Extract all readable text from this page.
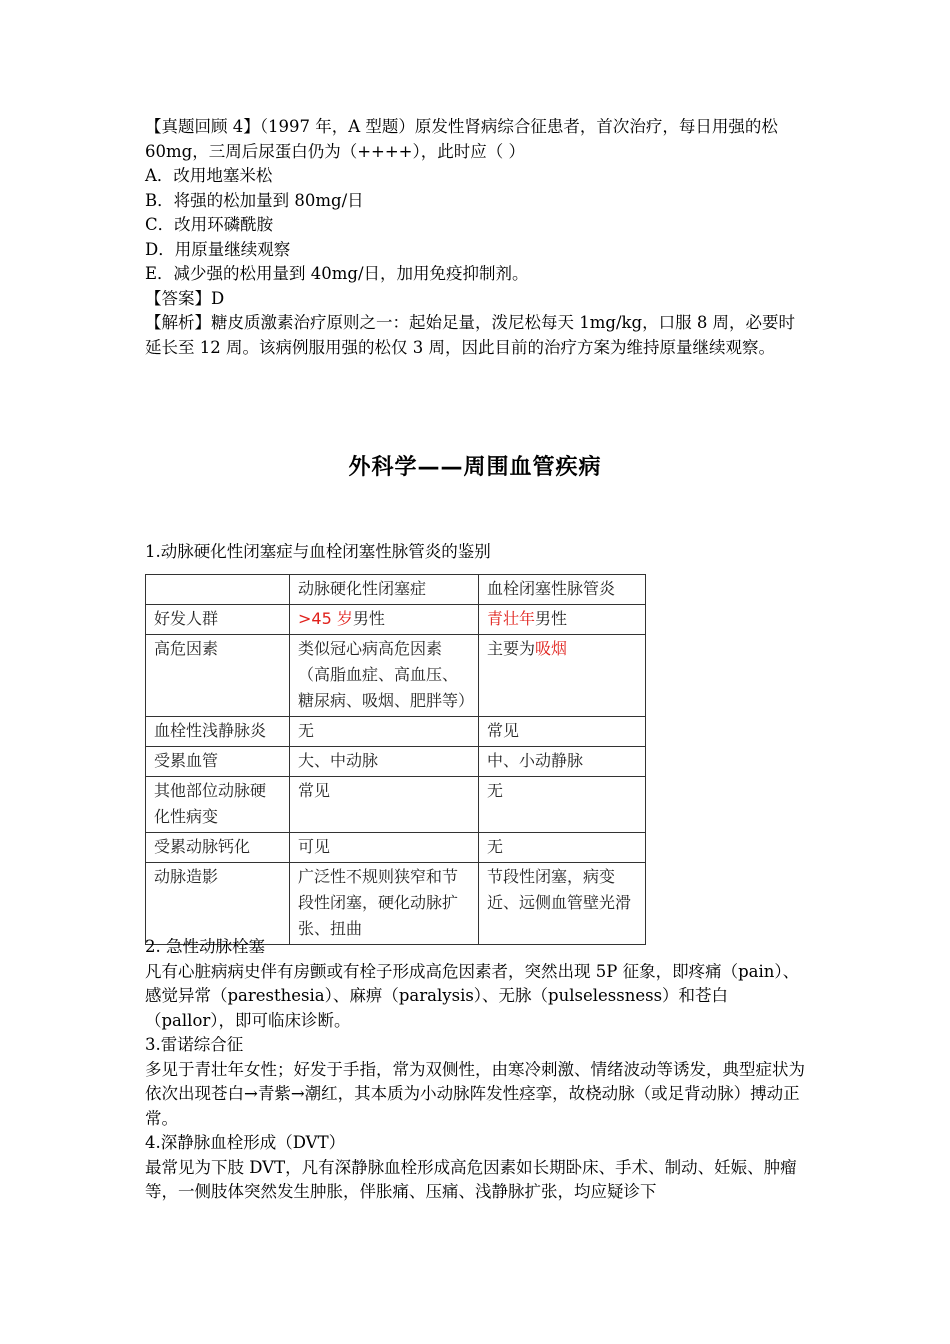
【真题回顾 4】（1997 年，A 型题）原发性肾病综合征患者，首次治疗，每日用强的松 60mg，三周后尿蛋白仍为（++++），此时应（ ）

A．改用地塞米松

B．将强的松加量到 80mg/日

C．改用环磷酰胺

D．用原量继续观察

E．减少强的松用量到 40mg/日，加用免疫抑制剂。

【答案】D

【解析】糖皮质激素治疗原则之一：起始足量，泼尼松每天 1mg/kg，口服 8 周，必要时延长至 12 周。该病例服用强的松仅 3 周，因此目前的治疗方案为维持原量继续观察。

外科学——周围血管疾病
1.动脉硬化性闭塞症与血栓闭塞性脉管炎的鉴别
	动脉硬化性闭塞症	血栓闭塞性脉管炎
好发人群	>45 岁男性	青壮年男性
高危因素	类似冠心病高危因素（高脂血症、高血压、糖尿病、吸烟、肥胖等）	主要为吸烟
血栓性浅静脉炎	无	常见
受累血管	大、中动脉	中、小动静脉
其他部位动脉硬化性病变	常见	无
受累动脉钙化	可见	无
动脉造影	广泛性不规则狭窄和节段性闭塞，硬化动脉扩张、扭曲	节段性闭塞，病变近、远侧血管壁光滑

2. 急性动脉栓塞

凡有心脏病病史伴有房颤或有栓子形成高危因素者，突然出现 5P 征象，即疼痛（pain）、感觉异常（paresthesia）、麻痹（paralysis）、无脉（pulselessness）和苍白（pallor），即可临床诊断。

3.雷诺综合征

多见于青壮年女性；好发于手指，常为双侧性，由寒冷刺激、情绪波动等诱发，典型症状为依次出现苍白→青紫→潮红，其本质为小动脉阵发性痉挛，故桡动脉（或足背动脉）搏动正常。

4.深静脉血栓形成（DVT）

最常见为下肢 DVT，凡有深静脉血栓形成高危因素如长期卧床、手术、制动、妊娠、肿瘤等，一侧肢体突然发生肿胀，伴胀痛、压痛、浅静脉扩张，均应疑诊下
